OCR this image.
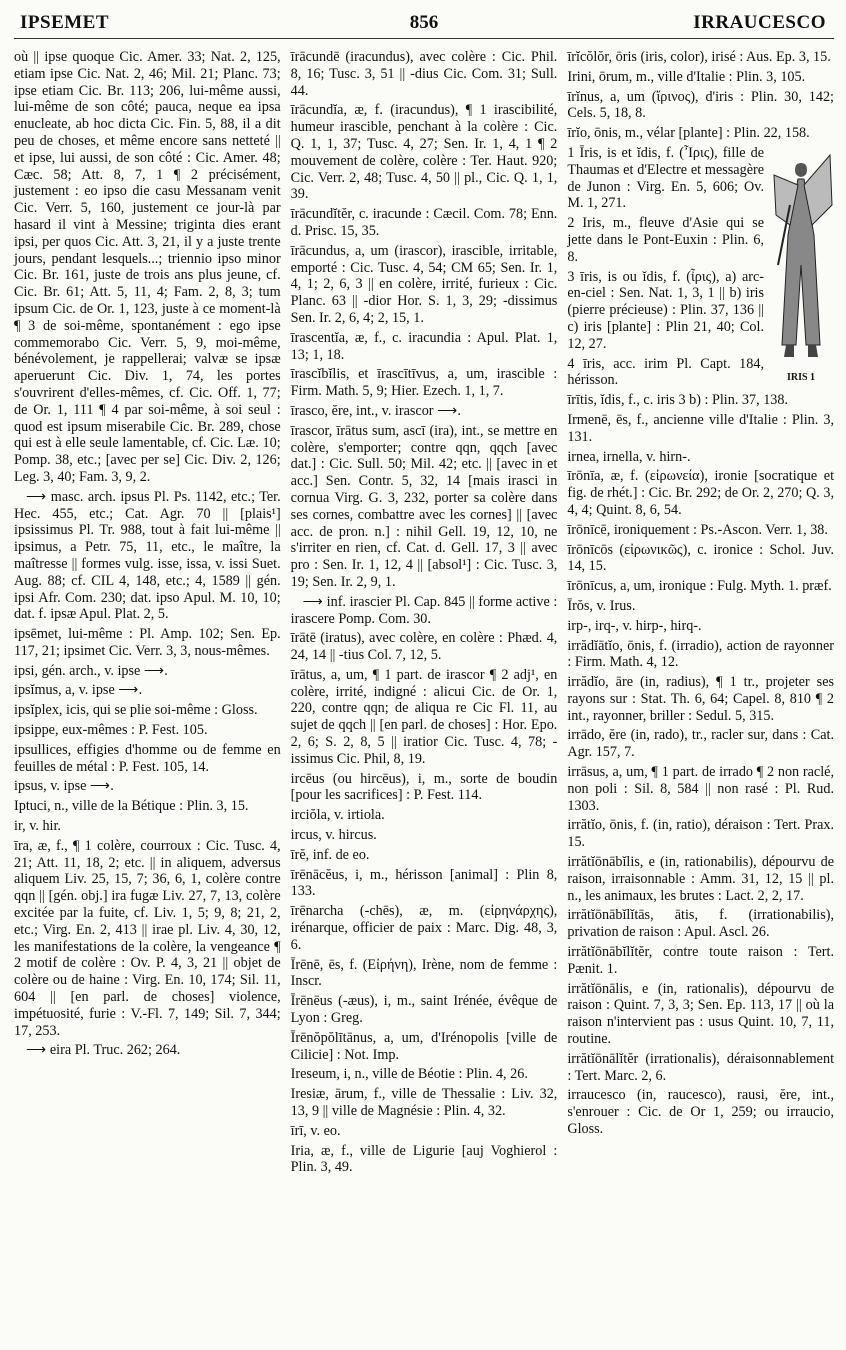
IPSEMET	856	IRRAUCESCO

où || ipse quoque Cic. Amer. 33; Nat. 2, 125, etiam ipse Cic. Nat. 2, 46; Mil. 21; Planc. 73; ipse etiam Cic. Br. 113; 206, lui-même aussi, lui-même de son côté; pauca, neque ea ipsa enucleate, ab hoc dicta Cic. Fin. 5, 88, il a dit peu de choses, et même encore sans netteté || et ipse, lui aussi, de son côté : Cic. Amer. 48; Cæc. 58; Att. 8, 7, 1 ¶ 2 précisément, justement : eo ipso die casu Messanam venit Cic. Verr. 5, 160, justement ce jour-là par hasard il vint à Messine; triginta dies erant ipsi, per quos Cic. Att. 3, 21, il y a juste trente jours, pendant lesquels...; triennio ipso minor Cic. Br. 161, juste de trois ans plus jeune, cf. Cic. Br. 61; Att. 5, 11, 4; Fam. 2, 8, 3; tum ipsum Cic. de Or. 1, 123, juste à ce moment-là ¶ 3 de soi-même, spontanément : ego ipse commemorabo Cic. Verr. 5, 9, moi-même, bénévolement, je rappellerai; valvæ se ipsæ aperuerunt Cic. Div. 1, 74, les portes s'ouvrirent d'elles-mêmes, cf. Cic. Off. 1, 77; de Or. 1, 111 ¶ 4 par soi-même, à soi seul : quod est ipsum miserabile Cic. Br. 289, chose qui est à elle seule lamentable, cf. Cic. Læ. 10; Pomp. 38, etc.; [avec per se] Cic. Div. 2, 126; Leg. 3, 40; Fam. 3, 9, 2.

⟶ masc. arch. ipsus Pl. Ps. 1142, etc.; Ter. Hec. 455, etc.; Cat. Agr. 70 || [plais¹] ipsissimus Pl. Tr. 988, tout à fait lui-même || ipsimus, a Petr. 75, 11, etc., le maître, la maîtresse || formes vulg. isse, issa, v. issi Suet. Aug. 88; cf. CIL 4, 148, etc.; 4, 1589 || gén. ipsi Afr. Com. 230; dat. ipso Apul. M. 10, 10; dat. f. ipsæ Apul. Plat. 2, 5.

ipsēmet, lui-même : Pl. Amp. 102; Sen. Ep. 117, 21; ipsimet Cic. Verr. 3, 3, nous-mêmes.

ipsi, gén. arch., v. ipse ⟶.

ipsĭmus, a, v. ipse ⟶.

ipsĭplex, icis, qui se plie soi-même : Gloss.

ipsippe, eux-mêmes : P. Fest. 105.

ipsullices, effigies d'homme ou de femme en feuilles de métal : P. Fest. 105, 14.

ipsus, v. ipse ⟶.

Iptuci, n., ville de la Bétique : Plin. 3, 15.

ir, v. hir.

īra, æ, f., ¶ 1 colère, courroux : Cic. Tusc. 4, 21; Att. 11, 18, 2; etc. || in aliquem, adversus aliquem Liv. 25, 15, 7; 36, 6, 1, colère contre qqn || [gén. obj.] ira fugæ Liv. 27, 7, 13, colère excitée par la fuite, cf. Liv. 1, 5; 9, 8; 21, 2, etc.; Virg. En. 2, 413 || irae pl. Liv. 4, 30, 12, les manifestations de la colère, la vengeance ¶ 2 motif de colère : Ov. P. 4, 3, 21 || objet de colère ou de haine : Virg. En. 10, 174; Sil. 11, 604 || [en parl. de choses] violence, impétuosité, furie : V.-Fl. 7, 149; Sil. 7, 344; 17, 253.

⟶ eira Pl. Truc. 262; 264.

īrācundē (iracundus), avec colère : Cic. Phil. 8, 16; Tusc. 3, 51 || -dius Cic. Com. 31; Sull. 44.

īrācundĭa, æ, f. (iracundus), ¶ 1 irascibilité, humeur irascible, penchant à la colère : Cic. Q. 1, 1, 37; Tusc. 4, 27; Sen. Ir. 1, 4, 1 ¶ 2 mouvement de colère, colère : Ter. Haut. 920; Cic. Verr. 2, 48; Tusc. 4, 50 || pl., Cic. Q. 1, 1, 39.

īrācundĭtĕr, c. iracunde : Cæcil. Com. 78; Enn. d. Prisc. 15, 35.

īrācundus, a, um (irascor), irascible, irritable, emporté : Cic. Tusc. 4, 54; CM 65; Sen. Ir. 1, 4, 1; 2, 6, 3 || en colère, irrité, furieux : Cic. Planc. 63 || -dior Hor. S. 1, 3, 29; -dissimus Sen. Ir. 2, 6, 4; 2, 15, 1.

īrascentĭa, æ, f., c. iracundia : Apul. Plat. 1, 13; 1, 18.

īrascĭbĭlis, et īrascītīvus, a, um, irascible : Firm. Math. 5, 9; Hier. Ezech. 1, 1, 7.

īrasco, ĕre, int., v. irascor ⟶.

īrascor, īrātus sum, ascī (ira), int., se mettre en colère, s'emporter; contre qqn, qqch [avec dat.] : Cic. Sull. 50; Mil. 42; etc. || [avec in et acc.] Sen. Contr. 5, 32, 14 [mais irasci in cornua Virg. G. 3, 232, porter sa colère dans ses cornes, combattre avec les cornes] || [avec acc. de pron. n.] : nihil Gell. 19, 12, 10, ne s'irriter en rien, cf. Cat. d. Gell. 17, 3 || avec pro : Sen. Ir. 1, 12, 4 || [absol¹] : Cic. Tusc. 3, 19; Sen. Ir. 2, 9, 1.

⟶ inf. irascier Pl. Cap. 845 || forme active : irascere Pomp. Com. 30.

īrātē (iratus), avec colère, en colère : Phæd. 4, 24, 14 || -tius Col. 7, 12, 5.

īrātus, a, um, ¶ 1 part. de irascor ¶ 2 adj¹, en colère, irrité, indigné : alicui Cic. de Or. 1, 220, contre qqn; de aliqua re Cic Fl. 11, au sujet de qqch || [en parl. de choses] : Hor. Epo. 2, 6; S. 2, 8, 5 || iratior Cic. Tusc. 4, 78; -issimus Cic. Phil, 8, 19.

ircēus (ou hircēus), i, m., sorte de boudin [pour les sacrifices] : P. Fest. 114.

irciŏla, v. irtiola.

ircus, v. hircus.

īrĕ, inf. de eo.

īrēnācĕus, i, m., hérisson [animal] : Plin 8, 133.

īrēnarcha (-chēs), æ, m. (εἰρηνάρχης), irénarque, officier de paix : Marc. Dig. 48, 3, 6.

Īrēnē, ēs, f. (Εἰρήνη), Irène, nom de femme : Inscr.

Īrēnēus (-æus), i, m., saint Irénée, évêque de Lyon : Greg.

Īrēnŏpŏlītānus, a, um, d'Irénopolis [ville de Cilicie] : Not. Imp.

Ireseum, i, n., ville de Béotie : Plin. 4, 26.

Iresiæ, ārum, f., ville de Thessalie : Liv. 32, 13, 9 || ville de Magnésie : Plin. 4, 32.

īrī, v. eo.

Iria, æ, f., ville de Ligurie [auj Voghierol : Plin. 3, 49.

īrĭcŏlŏr, ōris (iris, color), irisé : Aus. Ep. 3, 15.

Irini, ōrum, m., ville d'Italie : Plin. 3, 105.

īrĭnus, a, um (ἴρινος), d'iris : Plin. 30, 142; Cels. 5, 18, 8.

īrĭo, ōnis, m., vélar [plante] : Plin. 22, 158.

IRIS 1

1 Īris, is et ĭdis, f. (Ἶρις), fille de Thaumas et d'Electre et messagère de Junon : Virg. En. 5, 606; Ov. M. 1, 271.

2 Iris, m., fleuve d'Asie qui se jette dans le Pont-Euxin : Plin. 6, 8.

3 īris, is ou ĭdis, f. (ἶρις), a) arc-en-ciel : Sen. Nat. 1, 3, 1 || b) iris (pierre précieuse) : Plin. 37, 136 || c) iris [plante] : Plin 21, 40; Col. 12, 27.

4 īris, acc. irim Pl. Capt. 184, hérisson.

īrītis, ĭdis, f., c. iris 3 b) : Plin. 37, 138.

Irmenē, ēs, f., ancienne ville d'Italie : Plin. 3, 131.

irnea, irnella, v. hirn-.

īrōnīa, æ, f. (εἰρωνεία), ironie [socratique et fig. de rhét.] : Cic. Br. 292; de Or. 2, 270; Q. 3, 4, 4; Quint. 8, 6, 54.

īrōnīcē, ironiquement : Ps.-Ascon. Verr. 1, 38.

īrōnīcōs (εἰρωνικῶς), c. ironice : Schol. Juv. 14, 15.

īrōnīcus, a, um, ironique : Fulg. Myth. 1. præf.

Īrŏs, v. Irus.

irp-, irq-, v. hirp-, hirq-.

irrădĭātĭo, ōnis, f. (irradio), action de rayonner : Firm. Math. 4, 12.

irrădĭo, āre (in, radius), ¶ 1 tr., projeter ses rayons sur : Stat. Th. 6, 64; Capel. 8, 810 ¶ 2 int., rayonner, briller : Sedul. 5, 315.

irrādo, ĕre (in, rado), tr., racler sur, dans : Cat. Agr. 157, 7.

irrāsus, a, um, ¶ 1 part. de irrado ¶ 2 non raclé, non poli : Sil. 8, 584 || non rasé : Pl. Rud. 1303.

irrătĭo, ōnis, f. (in, ratio), déraison : Tert. Prax. 15.

irrătĭōnābĭlis, e (in, rationabilis), dépourvu de raison, irraisonnable : Amm. 31, 12, 15 || pl. n., les animaux, les brutes : Lact. 2, 2, 17.

irrătĭōnābĭlĭtās, ātis, f. (irrationabilis), privation de raison : Apul. Ascl. 26.

irrătĭōnābĭlĭtĕr, contre toute raison : Tert. Pænit. 1.

irrătĭōnālis, e (in, rationalis), dépourvu de raison : Quint. 7, 3, 3; Sen. Ep. 113, 17 || où la raison n'intervient pas : usus Quint. 10, 7, 11, routine.

irrătĭōnālĭtĕr (irrationalis), déraisonnablement : Tert. Marc. 2, 6.

irraucesco (in, raucesco), rausi, ĕre, int., s'enrouer : Cic. de Or 1, 259; ou irraucio, Gloss.
